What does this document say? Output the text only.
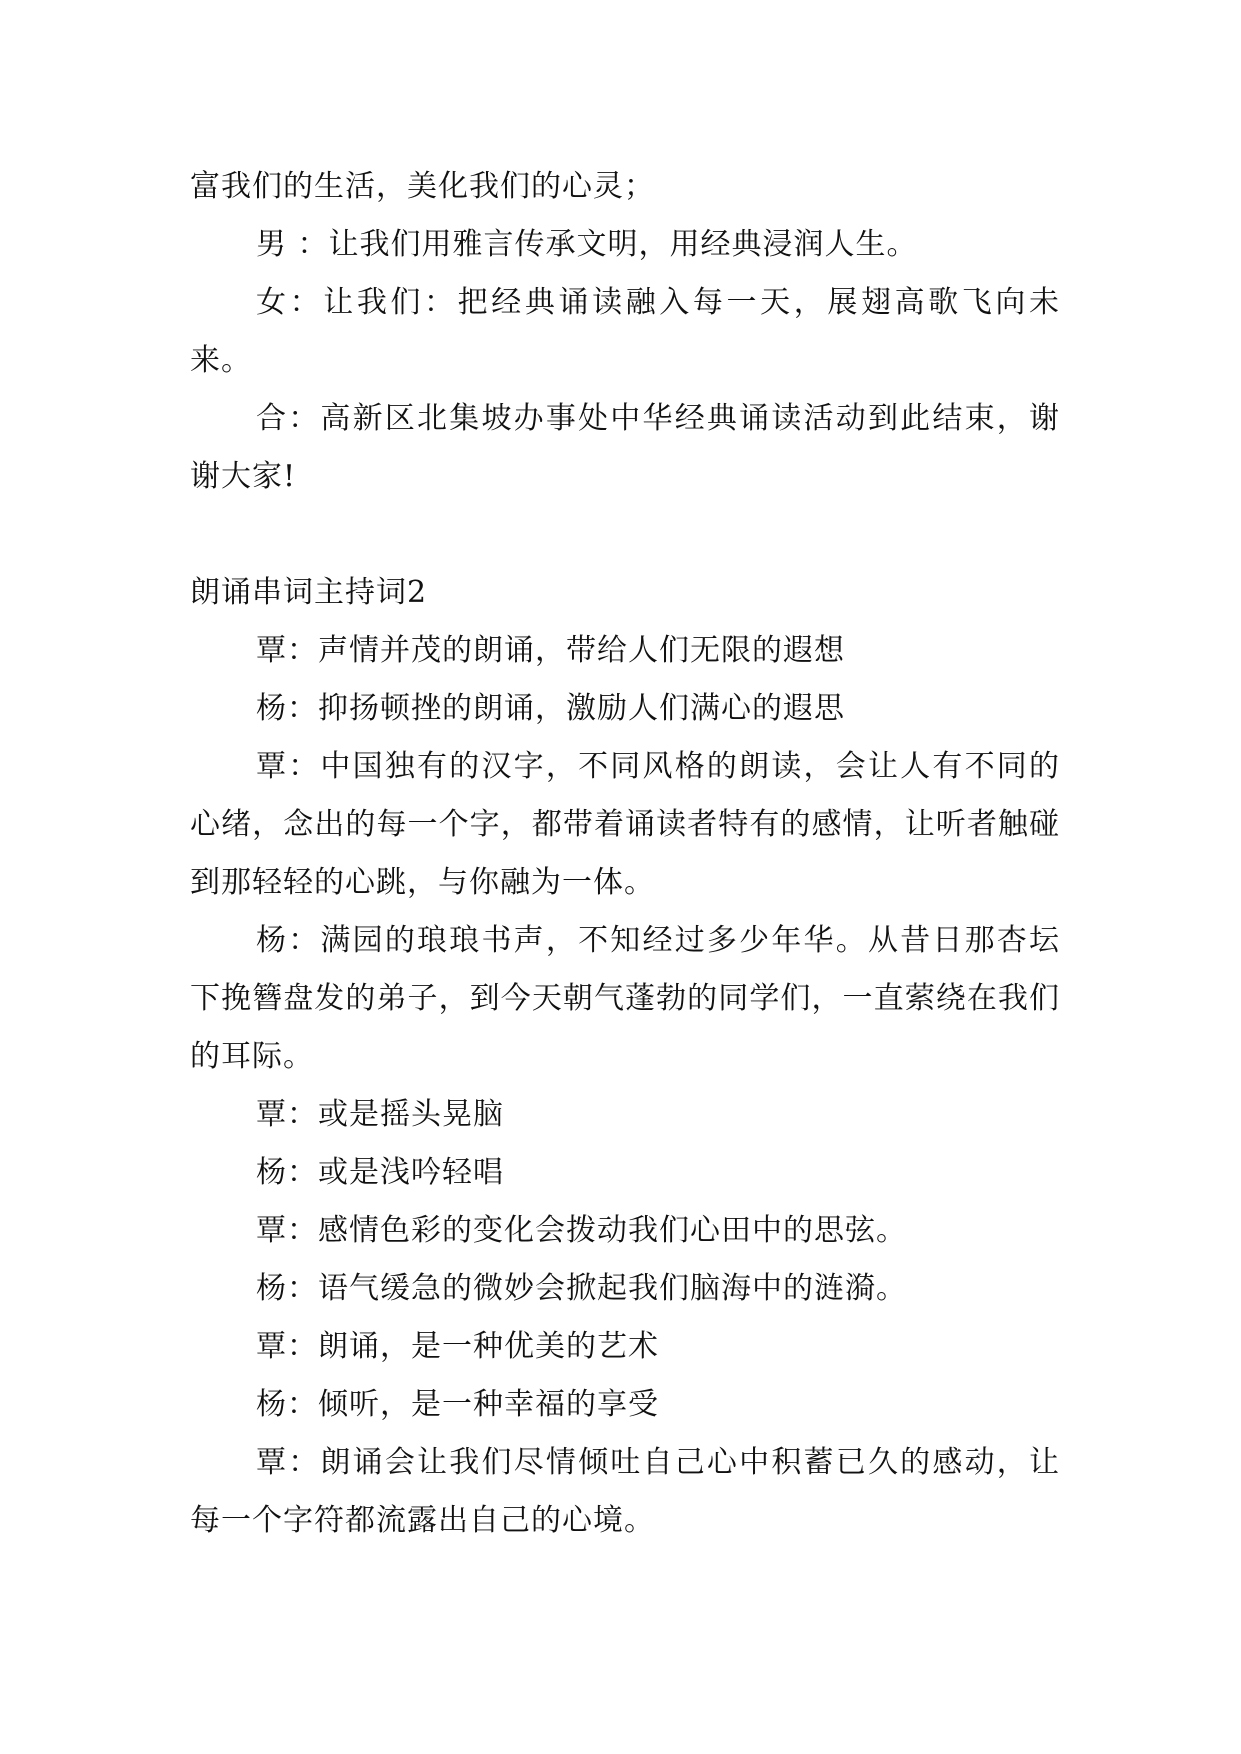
富我们的生活，美化我们的心灵；

男 ：让我们用雅言传承文明，用经典浸润人生。

女：让我们：把经典诵读融入每一天，展翅高歌飞向未来。

合：高新区北集坡办事处中华经典诵读活动到此结束，谢谢大家!

朗诵串词主持词2

覃：声情并茂的朗诵，带给人们无限的遐想

杨：抑扬顿挫的朗诵，激励人们满心的遐思

覃：中国独有的汉字，不同风格的朗读，会让人有不同的心绪，念出的每一个字，都带着诵读者特有的感情，让听者触碰到那轻轻的心跳，与你融为一体。

杨：满园的琅琅书声，不知经过多少年华。从昔日那杏坛下挽簪盘发的弟子，到今天朝气蓬勃的同学们，一直萦绕在我们的耳际。

覃：或是摇头晃脑

杨：或是浅吟轻唱

覃：感情色彩的变化会拨动我们心田中的思弦。

杨：语气缓急的微妙会掀起我们脑海中的涟漪。

覃：朗诵，是一种优美的艺术

杨：倾听，是一种幸福的享受

覃：朗诵会让我们尽情倾吐自己心中积蓄已久的感动，让每一个字符都流露出自己的心境。
